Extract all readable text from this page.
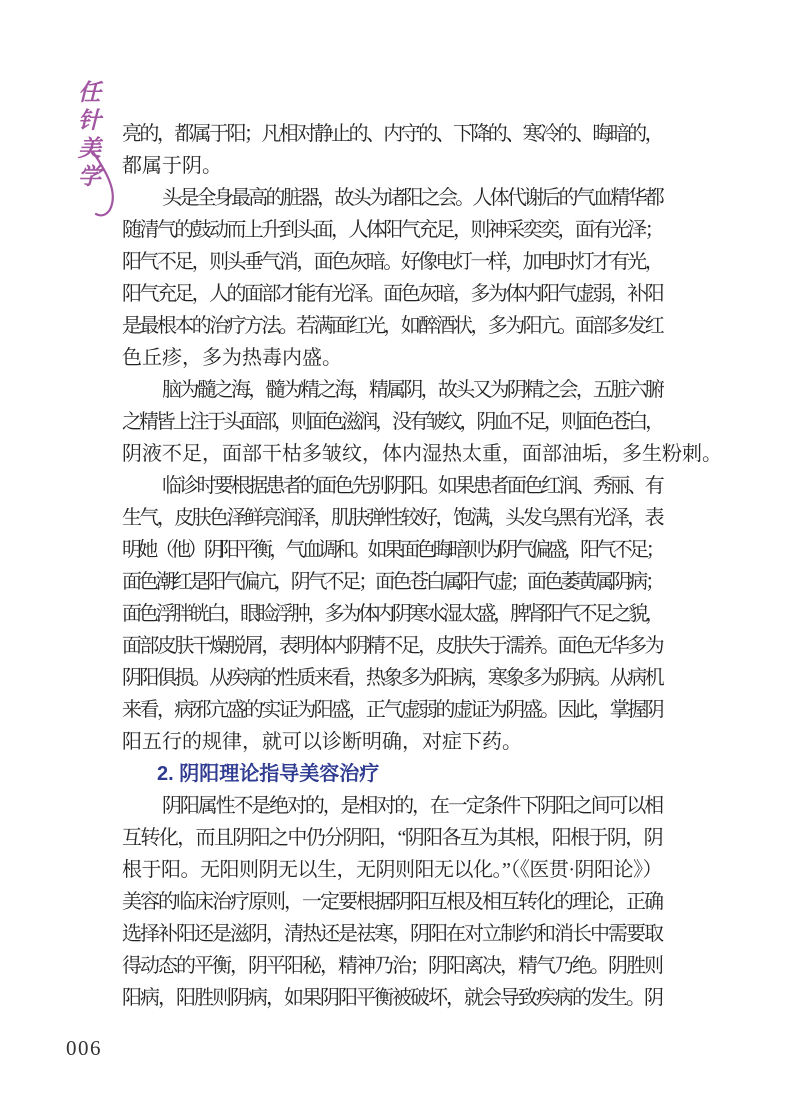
任针美学 亮的，都属于阳；凡相对静止的、内守的、下降的、寒冷的、晦暗的，
都属于阴。
头是全身最高的脏器，故头为诸阳之会。人体代谢后的气血精华都
随清气的鼓动而上升到头面，人体阳气充足，则神采奕奕，面有光泽；
阳气不足，则头垂气消，面色灰暗。好像电灯一样，加电时灯才有光，
阳气充足，人的面部才能有光泽。面色灰暗，多为体内阳气虚弱，补阳
是最根本的治疗方法。若满面红光，如醉酒状，多为阳亢。面部多发红
色丘疹，多为热毒内盛。
脑为髓之海，髓为精之海，精属阴，故头又为阴精之会，五脏六腑
之精皆上注于头面部，则面色滋润，没有皱纹，阴血不足，则面色苍白，
阴液不足，面部干枯多皱纹，体内湿热太重，面部油垢，多生粉刺。
临诊时要根据患者的面色先别阴阳。如果患者面色红润、秀丽、有
生气，皮肤色泽鲜亮润泽，肌肤弹性较好，饱满，头发乌黑有光泽，表
明她（他）阴阳平衡，气血调和。如果面色晦暗则为阴气偏盛，阳气不足；
面色潮红是阳气偏亢，阴气不足；面色苍白属阳气虚；面色萎黄属阴病；
面色浮胖㿠白，眼睑浮肿，多为体内阴寒水湿太盛，脾肾阳气不足之貌，
面部皮肤干燥脱屑，表明体内阴精不足，皮肤失于濡养。面色无华多为
阴阳俱损。从疾病的性质来看，热象多为阳病，寒象多为阴病。从病机
来看，病邪亢盛的实证为阳盛，正气虚弱的虚证为阴盛。因此，掌握阴
阳五行的规律，就可以诊断明确，对症下药。
2. 阴阳理论指导美容治疗
阴阳属性不是绝对的，是相对的，在一定条件下阴阳之间可以相
互转化，而且阴阳之中仍分阴阳，“阴阳各互为其根，阳根于阴，阴
根于阳。无阳则阴无以生，无阴则阳无以化。”（《医贯·阴阳论》）
美容的临床治疗原则，一定要根据阴阳互根及相互转化的理论，正确
选择补阳还是滋阴，清热还是祛寒，阴阳在对立制约和消长中需要取
得动态的平衡，阴平阳秘，精神乃治；阴阳离决，精气乃绝。阴胜则
阳病，阳胜则阴病，如果阴阳平衡被破坏，就会导致疾病的发生。阴
006
